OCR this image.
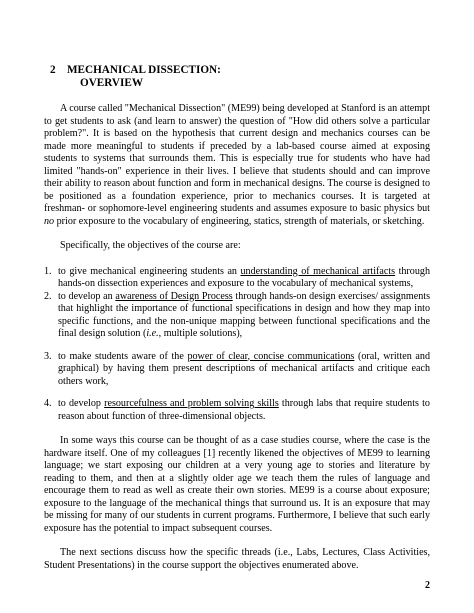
2	MECHANICAL DISSECTION:
OVERVIEW

A course called "Mechanical Dissection" (ME99) being developed at Stanford is an attempt to get students to ask (and learn to answer) the question of "How did others solve a particular problem?". It is based on the hypothesis that current design and mechanics courses can be made more meaningful to students if preceded by a lab-based course aimed at exposing students to systems that surrounds them. This is especially true for students who have had limited "hands-on" experience in their lives. I believe that students should and can improve their ability to reason about function and form in mechanical designs. The course is designed to be positioned as a foundation experience, prior to mechanics courses. It is targeted at freshman- or sophomore-level engineering students and assumes exposure to basic physics but no prior exposure to the vocabulary of engineering, statics, strength of materials, or sketching.

Specifically, the objectives of the course are:

1. to give mechanical engineering students an understanding of mechanical artifacts through hands-on dissection experiences and exposure to the vocabulary of mechanical systems,
2. to develop an awareness of Design Process through hands-on design exercises/ assignments that highlight the importance of functional specifications in design and how they map into specific functions, and the non-unique mapping between functional specifications and the final design solution (i.e., multiple solutions),
3. to make students aware of the power of clear, concise communications (oral, written and graphical) by having them present descriptions of mechanical artifacts and critique each others work,
4. to develop resourcefulness and problem solving skills through labs that require students to reason about function of three-dimensional objects.

In some ways this course can be thought of as a case studies course, where the case is the hardware itself. One of my colleagues [1] recently likened the objectives of ME99 to learning language; we start exposing our children at a very young age to stories and literature by reading to them, and then at a slightly older age we teach them the rules of language and encourage them to read as well as create their own stories. ME99 is a course about exposure; exposure to the language of the mechanical things that surround us. It is an exposure that may be missing for many of our students in current programs. Furthermore, I believe that such early exposure has the potential to impact subsequent courses.

The next sections discuss how the specific threads (i.e., Labs, Lectures, Class Activities, Student Presentations) in the course support the objectives enumerated above.

2
